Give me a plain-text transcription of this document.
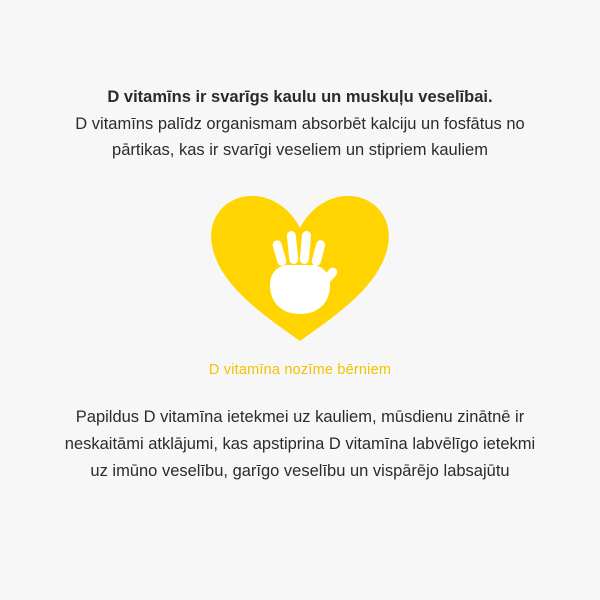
D vitamīns ir svarīgs kaulu un muskuļu veselībai.
D vitamīns palīdz organismam absorbēt kalciju un fosfātus no pārtikas, kas ir svarīgi veseliem un stipriem kauliem
D vitamīna nozīme bērniem
Papildus D vitamīna ietekmei uz kauliem, mūsdienu zinātnē ir neskaitāmi atklājumi, kas apstiprina D vitamīna labvēlīgo ietekmi uz imūno veselību, garīgo veselību un vispārējo labsajūtu
